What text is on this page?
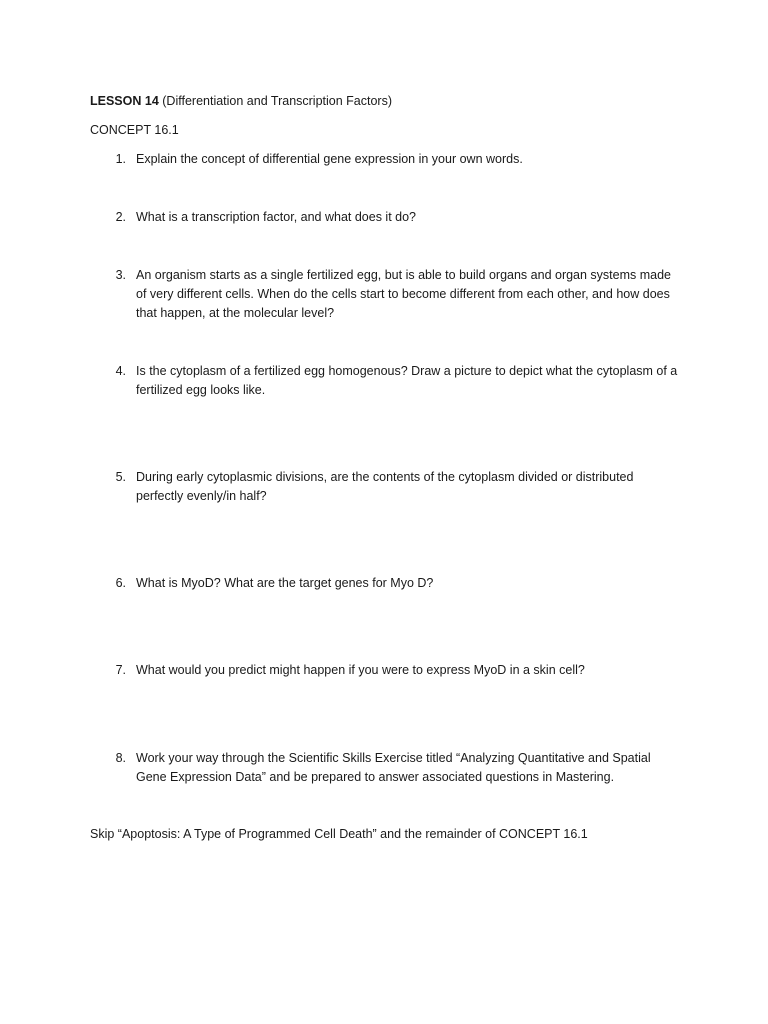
LESSON 14 (Differentiation and Transcription Factors)
CONCEPT 16.1
1. Explain the concept of differential gene expression in your own words.
2. What is a transcription factor, and what does it do?
3. An organism starts as a single fertilized egg, but is able to build organs and organ systems made of very different cells. When do the cells start to become different from each other, and how does that happen, at the molecular level?
4. Is the cytoplasm of a fertilized egg homogenous? Draw a picture to depict what the cytoplasm of a fertilized egg looks like.
5. During early cytoplasmic divisions, are the contents of the cytoplasm divided or distributed perfectly evenly/in half?
6. What is MyoD? What are the target genes for Myo D?
7. What would you predict might happen if you were to express MyoD in a skin cell?
8. Work your way through the Scientific Skills Exercise titled “Analyzing Quantitative and Spatial Gene Expression Data” and be prepared to answer associated questions in Mastering.
Skip “Apoptosis: A Type of Programmed Cell Death” and the remainder of CONCEPT 16.1
